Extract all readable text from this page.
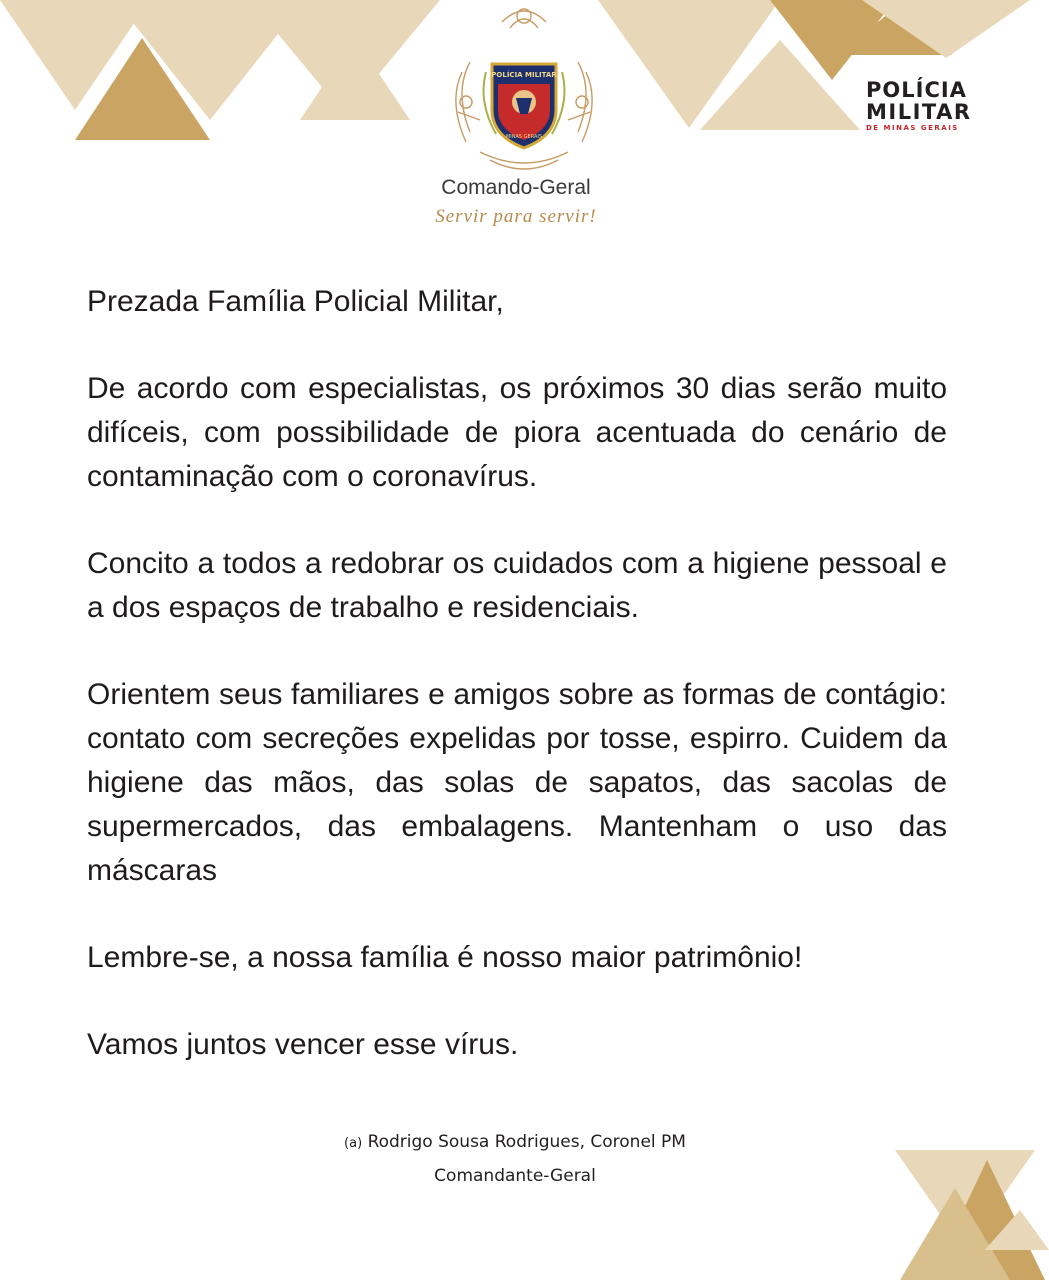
POLÍCIA MILITAR
MINAS GERAIS
POLÍCIA
MILITAR
DE MINAS GERAIS
Comando-Geral
Servir para servir!

Prezada Família Policial Militar,

De acordo com especialistas, os próximos 30 dias serão muito difíceis, com possibilidade de piora acentuada do cenário de contaminação com o coronavírus.

Concito a todos a redobrar os cuidados com a higiene pessoal e a dos espaços de trabalho e residenciais.

Orientem seus familiares e amigos sobre as formas de contágio: contato com secreções expelidas por tosse, espirro. Cuidem da higiene das mãos, das solas de sapatos, das sacolas de supermercados, das embalagens. Mantenham o uso das máscaras

Lembre-se, a nossa família é nosso maior patrimônio!

Vamos juntos vencer esse vírus.

(a) Rodrigo Sousa Rodrigues, Coronel PM
Comandante-Geral
